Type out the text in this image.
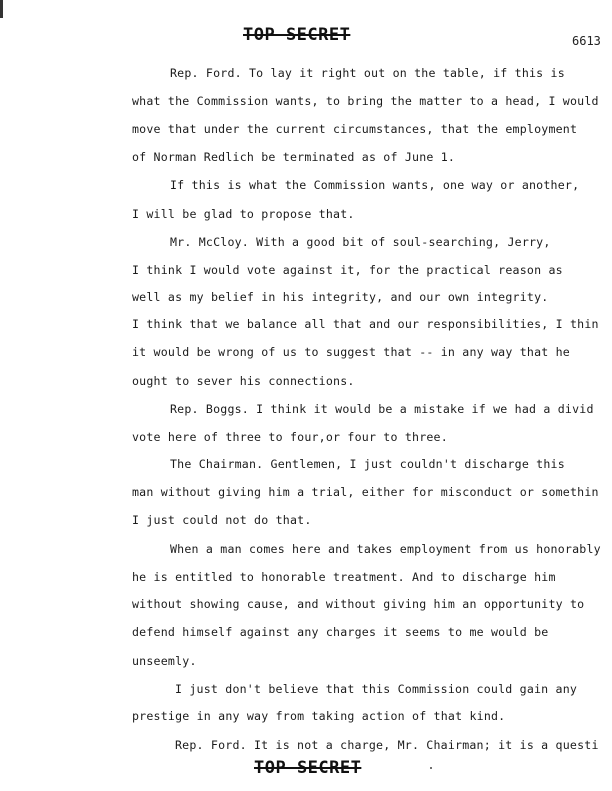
TOP SECRET	6613
Rep. Ford. To lay it right out on the table, if this is
what the Commission wants, to bring the matter to a head, I would
move that under the current circumstances, that the employment
of Norman Redlich be terminated as of June 1.
If this is what the Commission wants, one way or another,
I will be glad to propose that.
Mr. McCloy. With a good bit of soul-searching, Jerry,
I think I would vote against it, for the practical reason as
well as my belief in his integrity, and our own integrity.
I think that we balance all that and our responsibilities, I thin
it would be wrong of us to suggest that -- in any way that he
ought to sever his connections.
Rep. Boggs. I think it would be a mistake if we had a divid
vote here of three to four,or four to three.
The Chairman. Gentlemen, I just couldn't discharge this
man without giving him a trial, either for misconduct or somethin
I just could not do that.
When a man comes here and takes employment from us honorably
he is entitled to honorable treatment. And to discharge him
without showing cause, and without giving him an opportunity to
defend himself against any charges it seems to me would be
unseemly.
I just don't believe that this Commission could gain any
prestige in any way from taking action of that kind.
Rep. Ford. It is not a charge, Mr. Chairman; it is a questi
TOP SECRET
